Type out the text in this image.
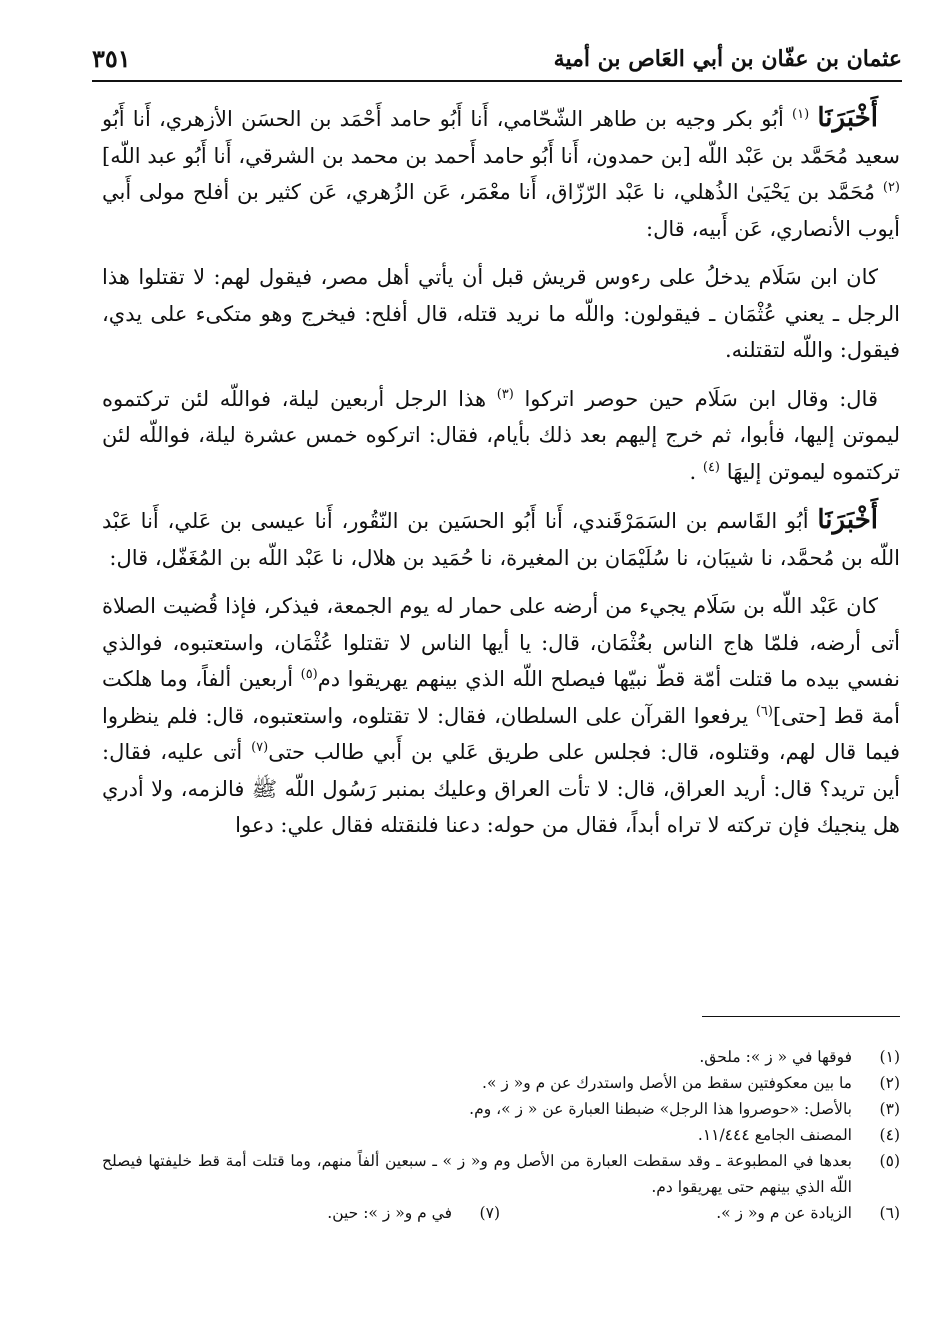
عثمان بن عفّان بن أبي العَاص بن أمية
٣٥١

أَخْبَرَنَا $^{(١)}$ أبُو بكر وجيه بن طاهر الشّحّامي، أَنا أَبُو حامد أَحْمَد بن الحسَن الأزهري، أَنا أَبُو سعيد مُحَمَّد بن عَبْد اللّه [بن حمدون، أَنا أَبُو حامد أَحمد بن محمد بن الشرقي، أَنا أَبُو عبد اللّه] $^{(٢)}$ مُحَمَّد بن يَحْيَىٰ الذُهلي، نا عَبْد الرّزّاق، أَنا معْمَر، عَن الزُهري، عَن كثير بن أفلح مولى أَبي أيوب الأنصاري، عَن أَبيه، قال:

كان ابن سَلَام يدخلُ على رءوس قريش قبل أن يأتي أهل مصر، فيقول لهم: لا تقتلوا هذا الرجل ـ يعني عُثْمَان ـ فيقولون: واللّه ما نريد قتله، قال أفلح: فيخرج وهو متكىء على يدي، فيقول: واللّه لتقتلنه.

قال: وقال ابن سَلَام حين حوصر اتركوا $^{(٣)}$ هذا الرجل أربعين ليلة، فواللّه لئن تركتموه ليموتن إليها، فأبوا، ثم خرج إليهم بعد ذلك بأيام، فقال: اتركوه خمس عشرة ليلة، فواللّه لئن تركتموه ليموتن إليهَا $^{(٤)}$ .

أَخْبَرَنَا أبُو القَاسم بن السَمَرْقَندي، أَنا أَبُو الحسَين بن النّقُور، أَنا عيسى بن عَلي، أَنا عَبْد اللّه بن مُحمَّد، نا شيبَان، نا سُلَيْمَان بن المغيرة، نا حُمَيد بن هلال، نا عَبْد اللّه بن المُغَفّل، قال:

كان عَبْد اللّه بن سَلَام يجيء من أرضه على حمار له يوم الجمعة، فيذكر، فإذا قُضيت الصلاة أتى أرضه، فلمّا هاج الناس بعُثْمَان، قال: يا أيها الناس لا تقتلوا عُثْمَان، واستعتبوه، فوالذي نفسي بيده ما قتلت أمّة قطّ نبيّها فيصلح اللّه الذي بينهم يهريقوا دم$^{(٥)}$ أربعين ألفاً، وما هلكت أمة قط [حتى]$^{(٦)}$ يرفعوا القرآن على السلطان، فقال: لا تقتلوه، واستعتبوه، قال: فلم ينظروا فيما قال لهم، وقتلوه، قال: فجلس على طريق عَلي بن أَبي طالب حتى$^{(٧)}$ أتى عليه، فقال: أين تريد؟ قال: أريد العراق، قال: لا تأت العراق وعليك بمنبر رَسُول اللّه ﷺ فالزمه، ولا أدري هل ينجيك فإن تركته لا تراه أبداً، فقال من حوله: دعنا فلنقتله فقال علي: دعوا

(١)
فوقها في « ز »: ملحق.
(٢)
ما بين معكوفتين سقط من الأصل واستدرك عن م و« ز ».
(٣)
بالأصل: «حوصروا هذا الرجل» ضبطنا العبارة عن « ز »، وم.
(٤)
المصنف الجامع ١١/٤٤٤.
(٥)
بعدها في المطبوعة ـ وقد سقطت العبارة من الأصل وم و« ز » ـ سبعين ألفاً منهم، وما قتلت أمة قط خليفتها فيصلح اللّه الذي بينهم حتى يهريقوا دم.
(٦)
الزيادة عن م و« ز ».
(٧)
في م و« ز »: حين.
